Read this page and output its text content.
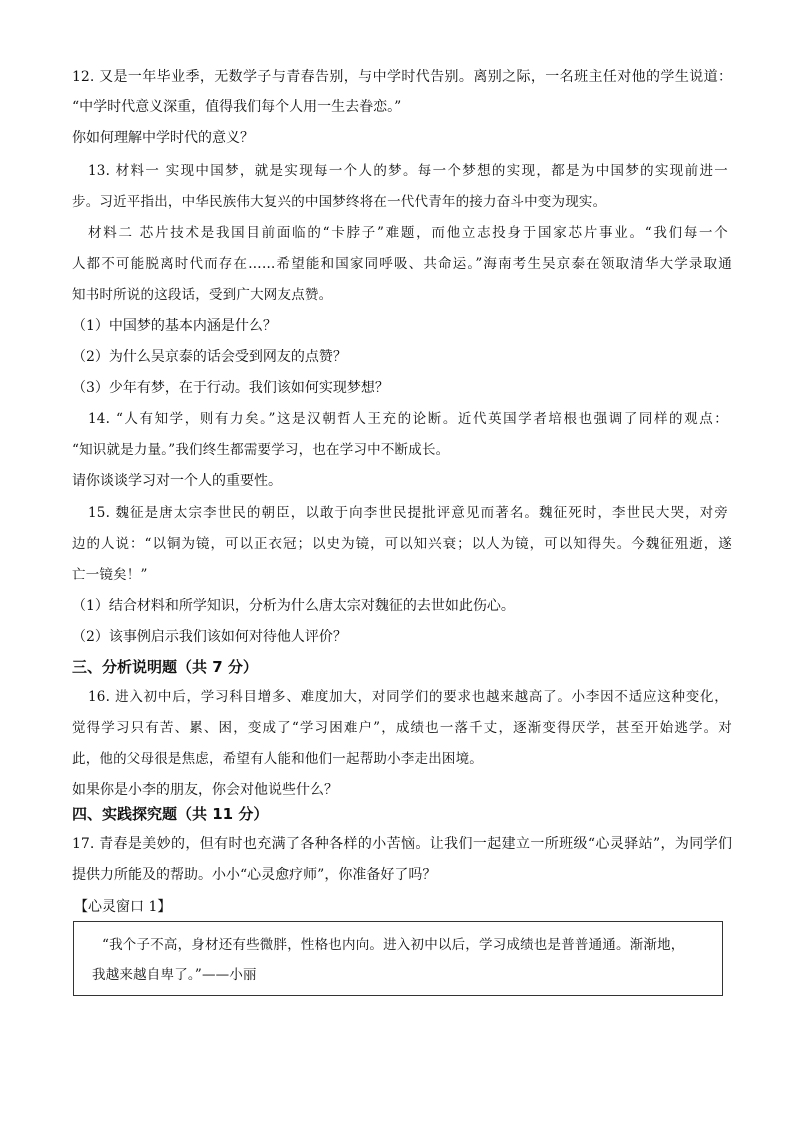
12. 又是一年毕业季，无数学子与青春告别，与中学时代告别。离别之际，一名班主任对他的学生说道：
“中学时代意义深重，值得我们每个人用一生去眷恋。”
你如何理解中学时代的意义？
13. 材料一 实现中国梦，就是实现每一个人的梦。每一个梦想的实现，都是为中国梦的实现前进一
步。习近平指出，中华民族伟大复兴的中国梦终将在一代代青年的接力奋斗中变为现实。
材料二 芯片技术是我国目前面临的“卡脖子”难题，而他立志投身于国家芯片事业。“我们每一个
人都不可能脱离时代而存在……希望能和国家同呼吸、共命运。”海南考生吴京泰在领取清华大学录取通
知书时所说的这段话，受到广大网友点赞。
（1）中国梦的基本内涵是什么？
（2）为什么吴京泰的话会受到网友的点赞？
（3）少年有梦，在于行动。我们该如何实现梦想？
14. “人有知学，则有力矣。”这是汉朝哲人王充的论断。近代英国学者培根也强调了同样的观点：
“知识就是力量。”我们终生都需要学习，也在学习中不断成长。
请你谈谈学习对一个人的重要性。
15. 魏征是唐太宗李世民的朝臣，以敢于向李世民提批评意见而著名。魏征死时，李世民大哭，对旁
边的人说：“以铜为镜，可以正衣冠；以史为镜，可以知兴衰；以人为镜，可以知得失。今魏征殂逝，遂
亡一镜矣！”
（1）结合材料和所学知识，分析为什么唐太宗对魏征的去世如此伤心。
（2）该事例启示我们该如何对待他人评价？
三、分析说明题（共 7 分）
16. 进入初中后，学习科目增多、难度加大，对同学们的要求也越来越高了。小李因不适应这种变化，
觉得学习只有苦、累、困，变成了“学习困难户”，成绩也一落千丈，逐渐变得厌学，甚至开始逃学。对
此，他的父母很是焦虑，希望有人能和他们一起帮助小李走出困境。
如果你是小李的朋友，你会对他说些什么？
四、实践探究题（共 11 分）
17. 青春是美妙的，但有时也充满了各种各样的小苦恼。让我们一起建立一所班级“心灵驿站”，为同学们
提供力所能及的帮助。小小“心灵愈疗师”，你准备好了吗？
【心灵窗口 1】
“我个子不高，身材还有些微胖，性格也内向。进入初中以后，学习成绩也是普普通通。渐渐地，
我越来越自卑了。”——小丽
